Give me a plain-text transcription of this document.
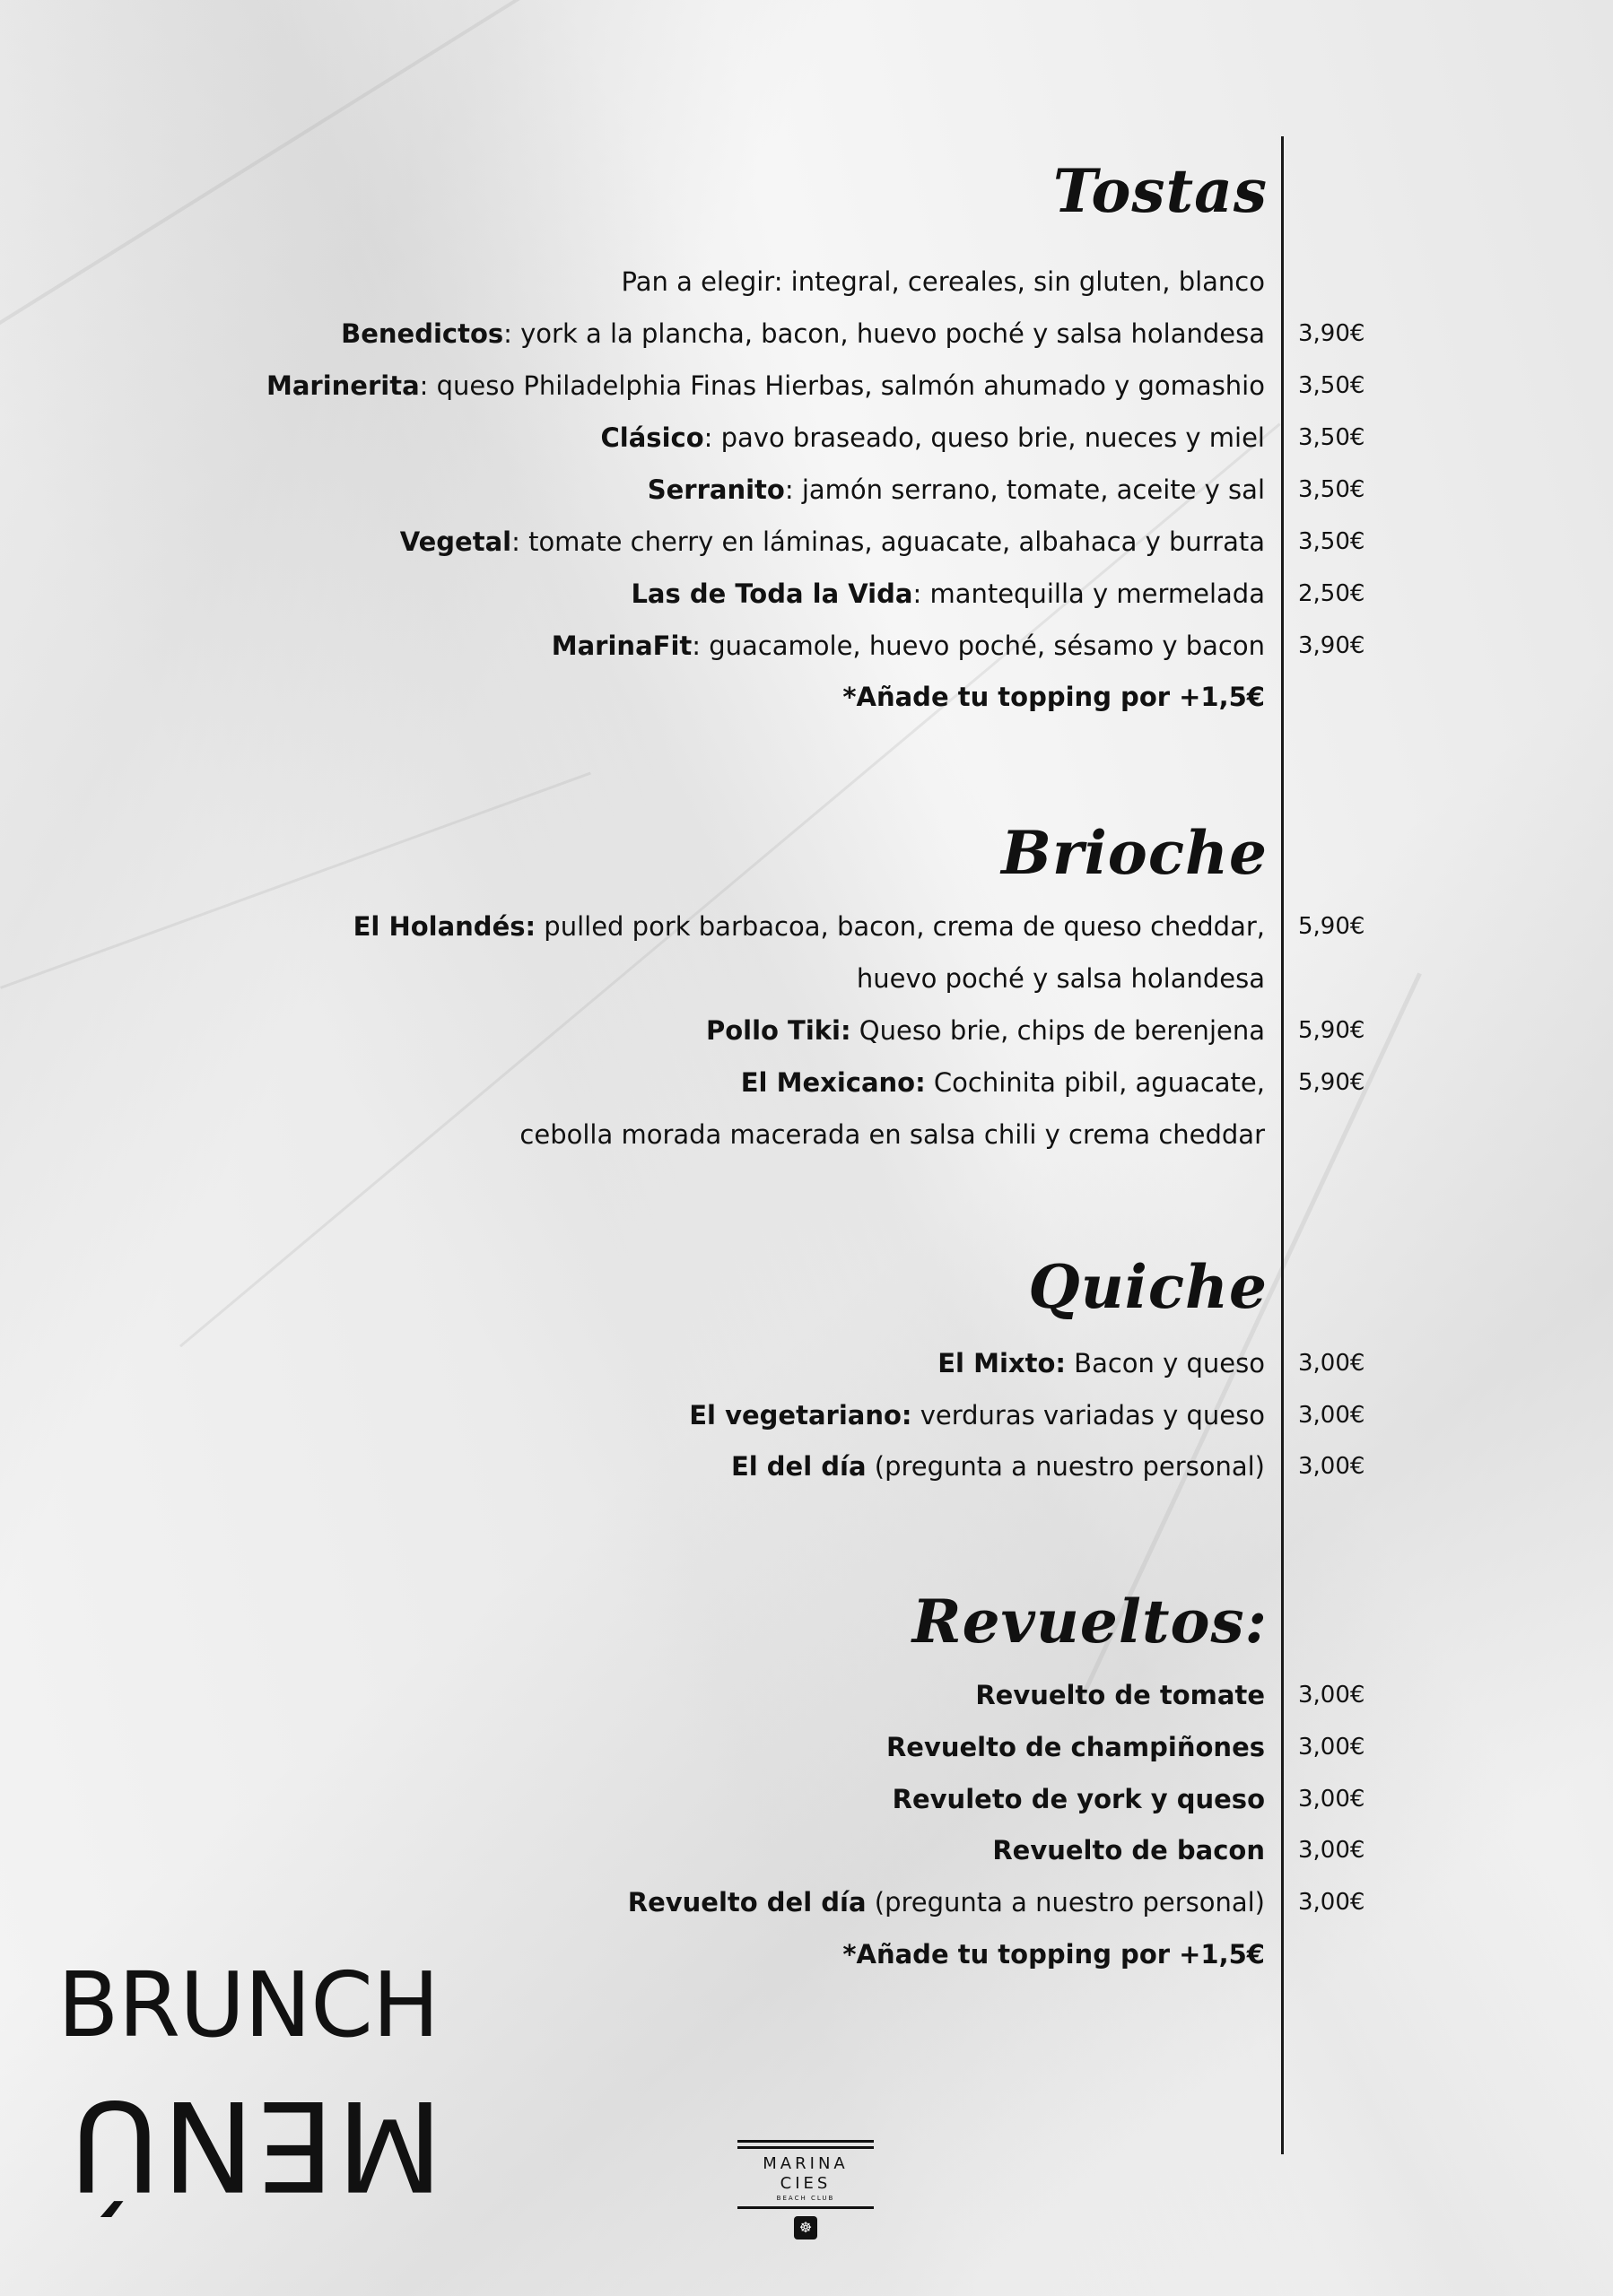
Tostas
Pan a elegir: integral, cereales, sin gluten, blanco
Benedictos: york a la plancha, bacon, huevo poché y salsa holandesa 3,90€
Marinerita: queso Philadelphia Finas Hierbas, salmón ahumado y gomashio 3,50€
Clásico: pavo braseado, queso brie, nueces y miel 3,50€
Serranito: jamón serrano, tomate, aceite y sal 3,50€
Vegetal: tomate cherry en láminas, aguacate, albahaca y burrata 3,50€
Las de Toda la Vida: mantequilla y mermelada 2,50€
MarinaFit: guacamole, huevo poché, sésamo y bacon 3,90€
*Añade tu topping por +1,5€
Brioche
El Holandés: pulled pork barbacoa, bacon, crema de queso cheddar, 5,90€
huevo poché y salsa holandesa
Pollo Tiki: Queso brie, chips de berenjena 5,90€
El Mexicano: Cochinita pibil, aguacate, 5,90€
cebolla morada macerada en salsa chili y crema cheddar
Quiche
El Mixto: Bacon y queso 3,00€
El vegetariano: verduras variadas y queso 3,00€
El del día (pregunta a nuestro personal) 3,00€
Revueltos:
Revuelto de tomate 3,00€
Revuelto de champiñones 3,00€
Revuleto de york y queso 3,00€
Revuelto de bacon 3,00€
Revuelto del día (pregunta a nuestro personal) 3,00€
*Añade tu topping por +1,5€
BRUNCH
MENÚ	MARINA CIES
BEACH CLUB
☸
